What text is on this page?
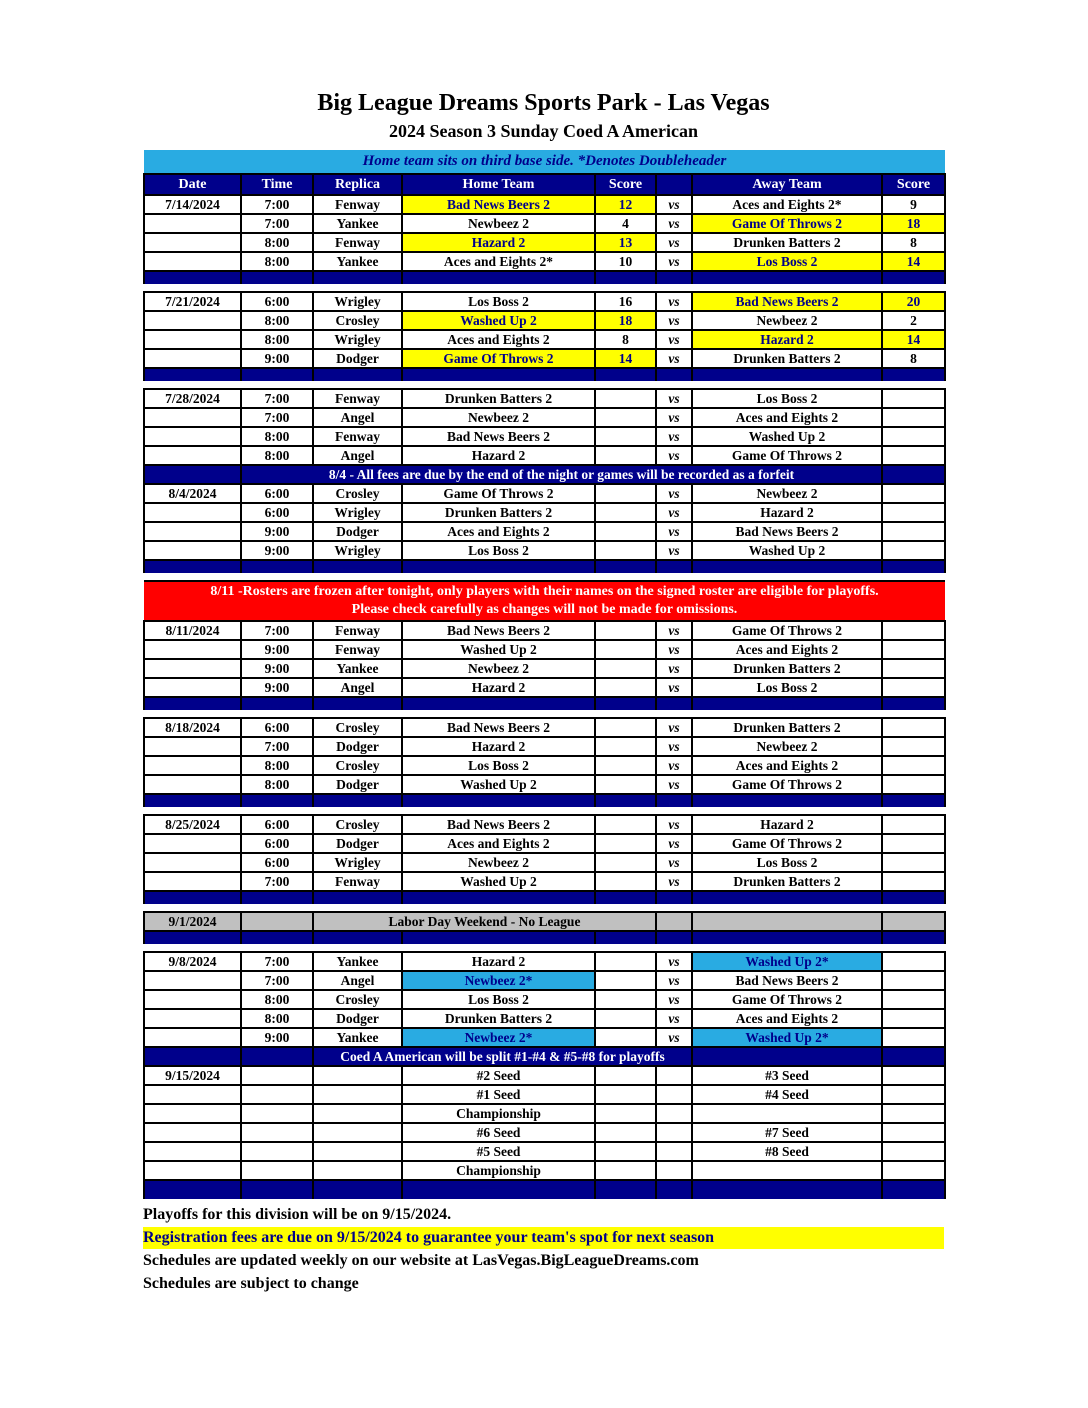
Big League Dreams Sports Park - Las Vegas
2024 Season 3 Sunday Coed A American
Home team sits on third base side. *Denotes Doubleheader							
Date	Time	Replica	Home Team	Score		Away Team	Score
7/14/2024	7:00	Fenway	Bad News Beers 2	12	vs	Aces and Eights 2*	9
	7:00	Yankee	Newbeez 2	4	vs	Game Of Throws 2	18
	8:00	Fenway	Hazard 2	13	vs	Drunken Batters 2	8
	8:00	Yankee	Aces and Eights 2*	10	vs	Los Boss 2	14

7/21/2024	6:00	Wrigley	Los Boss 2	16	vs	Bad News Beers 2	20
	8:00	Crosley	Washed Up 2	18	vs	Newbeez 2	2
	8:00	Wrigley	Aces and Eights 2	8	vs	Hazard 2	14
	9:00	Dodger	Game Of Throws 2	14	vs	Drunken Batters 2	8

7/28/2024	7:00	Fenway	Drunken Batters 2		vs	Los Boss 2	
	7:00	Angel	Newbeez 2		vs	Aces and Eights 2	
	8:00	Fenway	Bad News Beers 2		vs	Washed Up 2	
	8:00	Angel	Hazard 2		vs	Game Of Throws 2	
	8/4 - All fees are due by the end of the night or games will be recorded as a forfeit						
8/4/2024	6:00	Crosley	Game Of Throws 2		vs	Newbeez 2	
	6:00	Wrigley	Drunken Batters 2		vs	Hazard 2	
	9:00	Dodger	Aces and Eights 2		vs	Bad News Beers 2	
	9:00	Wrigley	Los Boss 2		vs	Washed Up 2	

8/11 -Rosters are frozen after tonight, only players with their names on the signed roster are eligible for playoffs.
Please check carefully as changes will not be made for omissions.							

8/11/2024	7:00	Fenway	Bad News Beers 2		vs	Game Of Throws 2	
	9:00	Fenway	Washed Up 2		vs	Aces and Eights 2	
	9:00	Yankee	Newbeez 2		vs	Drunken Batters 2	
	9:00	Angel	Hazard 2		vs	Los Boss 2	

8/18/2024	6:00	Crosley	Bad News Beers 2		vs	Drunken Batters 2	
	7:00	Dodger	Hazard 2		vs	Newbeez 2	
	8:00	Crosley	Los Boss 2		vs	Aces and Eights 2	
	8:00	Dodger	Washed Up 2		vs	Game Of Throws 2	

8/25/2024	6:00	Crosley	Bad News Beers 2		vs	Hazard 2	
	6:00	Dodger	Aces and Eights 2		vs	Game Of Throws 2	
	6:00	Wrigley	Newbeez 2		vs	Los Boss 2	
	7:00	Fenway	Washed Up 2		vs	Drunken Batters 2	

9/1/2024		Labor Day Weekend - No League					

9/8/2024	7:00	Yankee	Hazard 2		vs	Washed Up 2*	
	7:00	Angel	Newbeez 2*		vs	Bad News Beers 2	
	8:00	Crosley	Los Boss 2		vs	Game Of Throws 2	
	8:00	Dodger	Drunken Batters 2		vs	Aces and Eights 2	
	9:00	Yankee	Newbeez 2*		vs	Washed Up 2*	
		Coed A American will be split #1-#4 & #5-#8 for playoffs					
9/15/2024			#2 Seed			#3 Seed	
			#1 Seed			#4 Seed	
			Championship				
			#6 Seed			#7 Seed	
			#5 Seed			#8 Seed	
			Championship				

Playoffs for this division will be on 9/15/2024.

Registration fees are due on 9/15/2024 to guarantee your team's spot for next season

Schedules are updated weekly on our website at LasVegas.BigLeagueDreams.com

Schedules are subject to change
